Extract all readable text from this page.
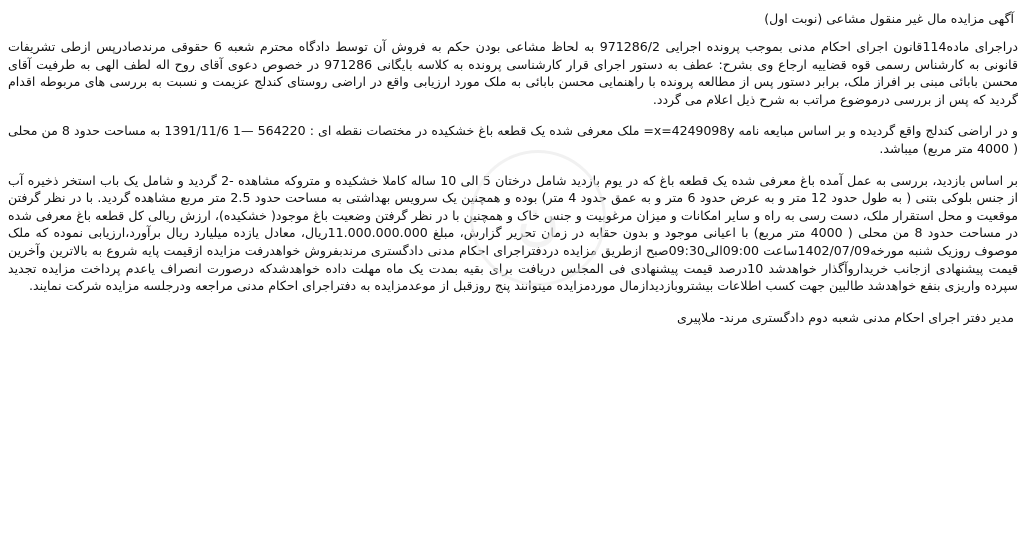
ن
آگهی مزایده مال غیر منقول مشاعی (نوبت اول)

دراجرای ماده114قانون اجرای احکام مدنی بموجب پرونده اجرایی 971286/2 به لحاظ مشاعی بودن حکم به فروش آن توسط دادگاه محترم شعبه 6 حقوقی مرندصادرپس ازطی تشریفات قانونی به کارشناس رسمی قوه قضاییه ارجاع وی بشرح: عطف به دستور اجرای قرار کارشناسی پرونده به کلاسه بایگانی 971286 در خصوص دعوی آقای روح اله لطف الهی به طرفیت آقای محسن بابائی مبنی بر افراز ملک، برابر دستور پس از مطالعه پرونده با راهنمایی محسن بابائی به ملک مورد ارزیابی واقع در اراضی روستای کندلج عزیمت و نسبت به بررسی های مربوطه اقدام گردید که پس از بررسی درموضوع مراتب به شرح ذیل اعلام می گردد.

و در اراضی کندلج واقع گردیده و بر اساس مبایعه نامه x=4249098y= ملک معرفی شده یک قطعه باغ خشکیده در مختصات نقطه ای : 564220 —1 1391/11/6 به مساحت حدود 8 من محلی ( 4000 متر مربع) میباشد.

بر اساس بازدید، بررسی به عمل آمده باغ معرفی شده یک قطعه باغ که در یوم بازدید شامل درختان 5 الی 10 ساله کاملا خشکیده و متروکه مشاهده -2 گردید و شامل یک باب استخر ذخیره آب از جنس بلوکی بتنی ( به طول حدود 12 متر و به عرض حدود 6 متر و به عمق حدود 4 متر) بوده و همچنین یک سرویس بهداشتی به مساحت حدود 2.5 متر مربع مشاهده گردید. با در نظر گرفتن موقعیت و محل استقرار ملک، دست رسی به راه و سایر امکانات و میزان مرغوبیت و جنس خاک و همچنین با در نظر گرفتن وضعیت باغ موجود( خشکیده)، ارزش ریالی کل قطعه باغ معرفی شده در مساحت حدود 8 من محلی ( 4000 متر مربع) با اعیانی موجود و بدون حقابه در زمان تحریر گزارش، مبلغ 11.000.000.000ریال، معادل یازده میلیارد ریال برآورد،ارزیابی نموده که ملک موصوف روزیک شنبه مورخه1402/07/09ساعت 09:00الی09:30صبح ازطریق مزایده دردفتراجرای احکام مدنی دادگستری مرندبفروش خواهدرفت مزایده ازقیمت پایه شروع به بالاترین وآخرین قیمت پیشنهادی ازجانب خریداروآگذار خواهدشد 10درصد قیمت پیشنهادی فی المجلس دریافت برای بقیه بمدت یک ماه مهلت داده خواهدشدکه درصورت انصراف یاعدم پرداخت مزایده تجدید سپرده واریزی بنفع خواهدشد طالبین جهت کسب اطلاعات بیشتروبازدیدازمال موردمزایده میتوانند پنج روزقبل از موعدمزایده به دفتراجرای احکام مدنی مراجعه ودرجلسه مزایده شرکت نمایند.

مدیر دفتر اجرای احکام مدنی شعبه دوم دادگستری مرند- ملاپیری
